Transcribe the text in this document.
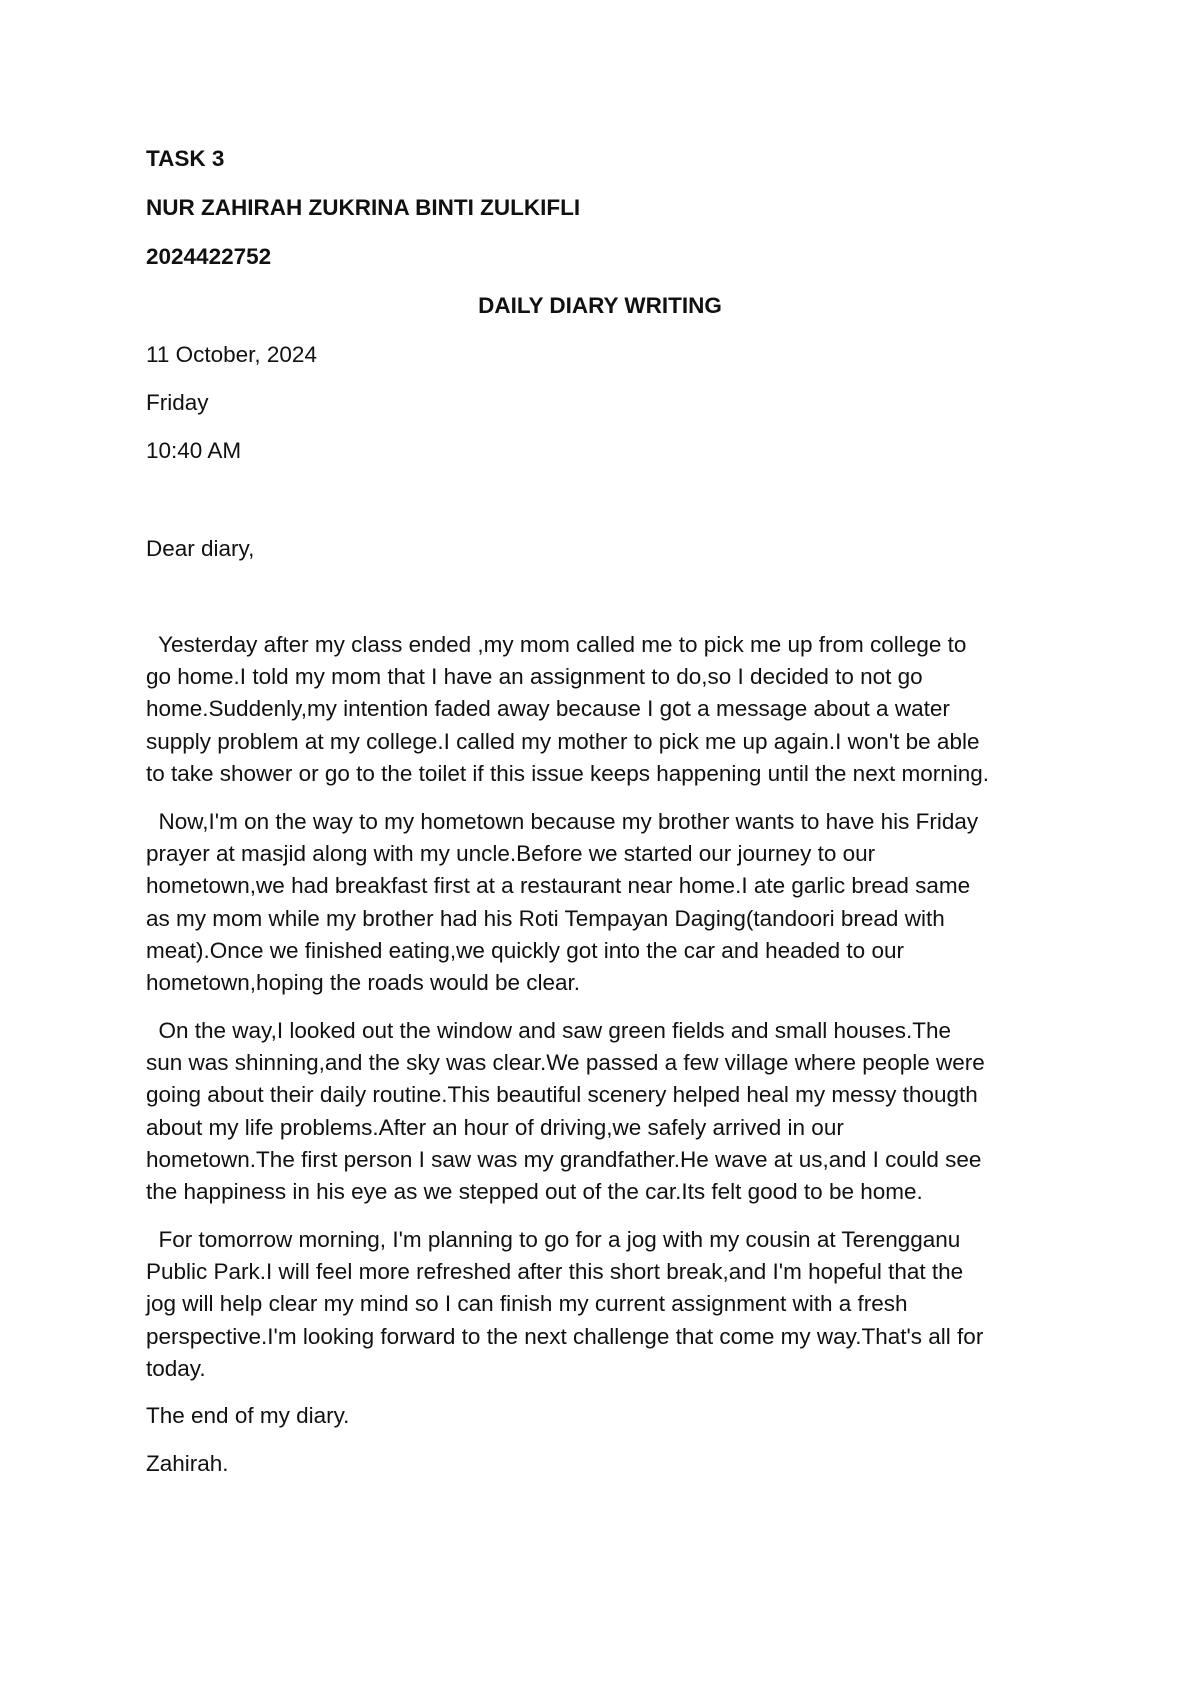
TASK 3
NUR ZAHIRAH ZUKRINA BINTI ZULKIFLI
2024422752
DAILY DIARY WRITING
11 October, 2024
Friday
10:40 AM
Dear diary,
Yesterday after my class ended ,my mom called me to pick me up from college to
go home.I told my mom that I have an assignment to do,so I decided to not go
home.Suddenly,my intention faded away because I got a message about a water
supply problem at my college.I called my mother to pick me up again.I won't be able
to take shower or go to the toilet if this issue keeps happening until the next morning.
Now,I'm on the way to my hometown because my brother wants to have his Friday
prayer at masjid along with my uncle.Before we started our journey to our
hometown,we had breakfast first at a restaurant near home.I ate garlic bread same
as my mom while my brother had his Roti Tempayan Daging(tandoori bread with
meat).Once we finished eating,we quickly got into the car and headed to our
hometown,hoping the roads would be clear.
On the way,I looked out the window and saw green fields and small houses.The
sun was shinning,and the sky was clear.We passed a few village where people were
going about their daily routine.This beautiful scenery helped heal my messy thougth
about my life problems.After an hour of driving,we safely arrived in our
hometown.The first person I saw was my grandfather.He wave at us,and I could see
the happiness in his eye as we stepped out of the car.Its felt good to be home.
For tomorrow morning, I'm planning to go for a jog with my cousin at Terengganu
Public Park.I will feel more refreshed after this short break,and I'm hopeful that the
jog will help clear my mind so I can finish my current assignment with a fresh
perspective.I'm looking forward to the next challenge that come my way.That's all for
today.
The end of my diary.
Zahirah.
